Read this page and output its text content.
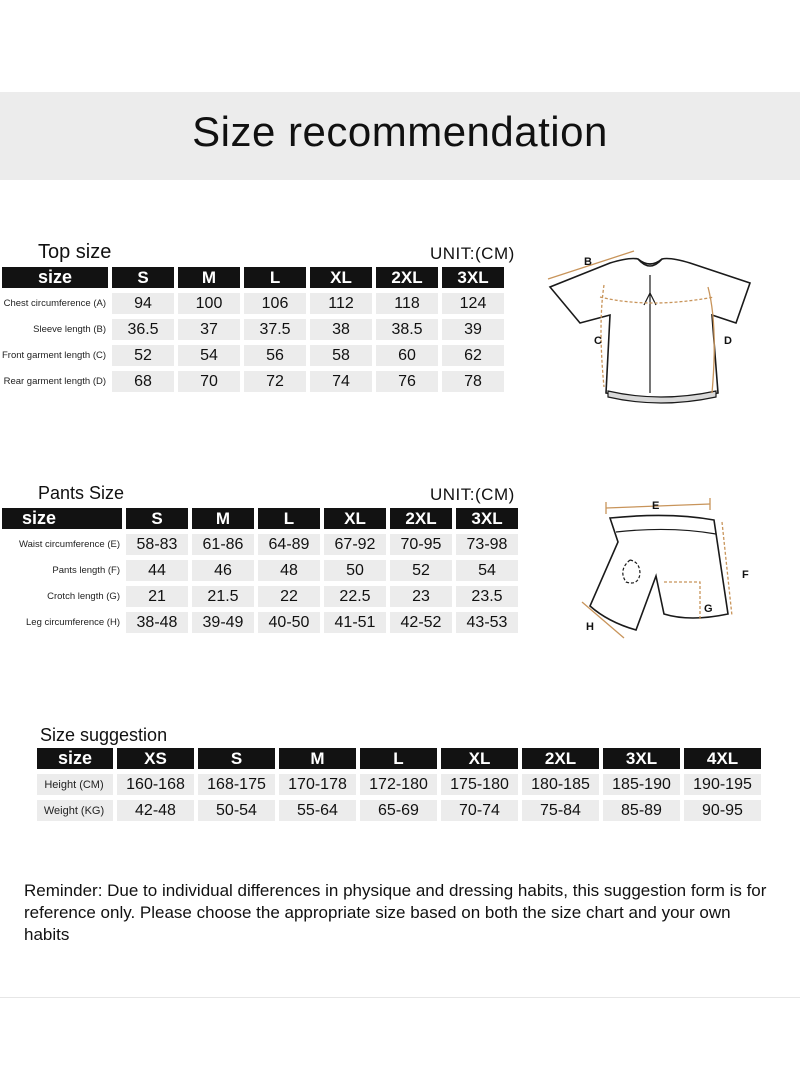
Size recommendation
Top size	UNIT:(CM)
size	S	M	L	XL	2XL	3XL
Chest circumference (A)	94	100	106	112	118	124
Sleeve length (B)	36.5	37	37.5	38	38.5	39
Front garment length (C)	52	54	56	58	60	62
Rear garment length (D)	68	70	72	74	76	78
B
C	D
Pants Size	UNIT:(CM)
size	S	M	L	XL	2XL	3XL
Waist circumference (E)	58-83	61-86	64-89	67-92	70-95	73-98
Pants length (F)	44	46	48	50	52	54
Crotch length (G)	21	21.5	22	22.5	23	23.5
Leg circumference (H)	38-48	39-49	40-50	41-51	42-52	43-53
E
F
G
H
Size suggestion
size	XS	S	M	L	XL	2XL	3XL	4XL
Height (CM)	160-168	168-175	170-178	172-180	175-180	180-185	185-190	190-195
Weight (KG)	42-48	50-54	55-64	65-69	70-74	75-84	85-89	90-95
Reminder: Due to individual differences in physique and dressing habits, this suggestion form is for reference only. Please choose the appropriate size based on both the size chart and your own habits
